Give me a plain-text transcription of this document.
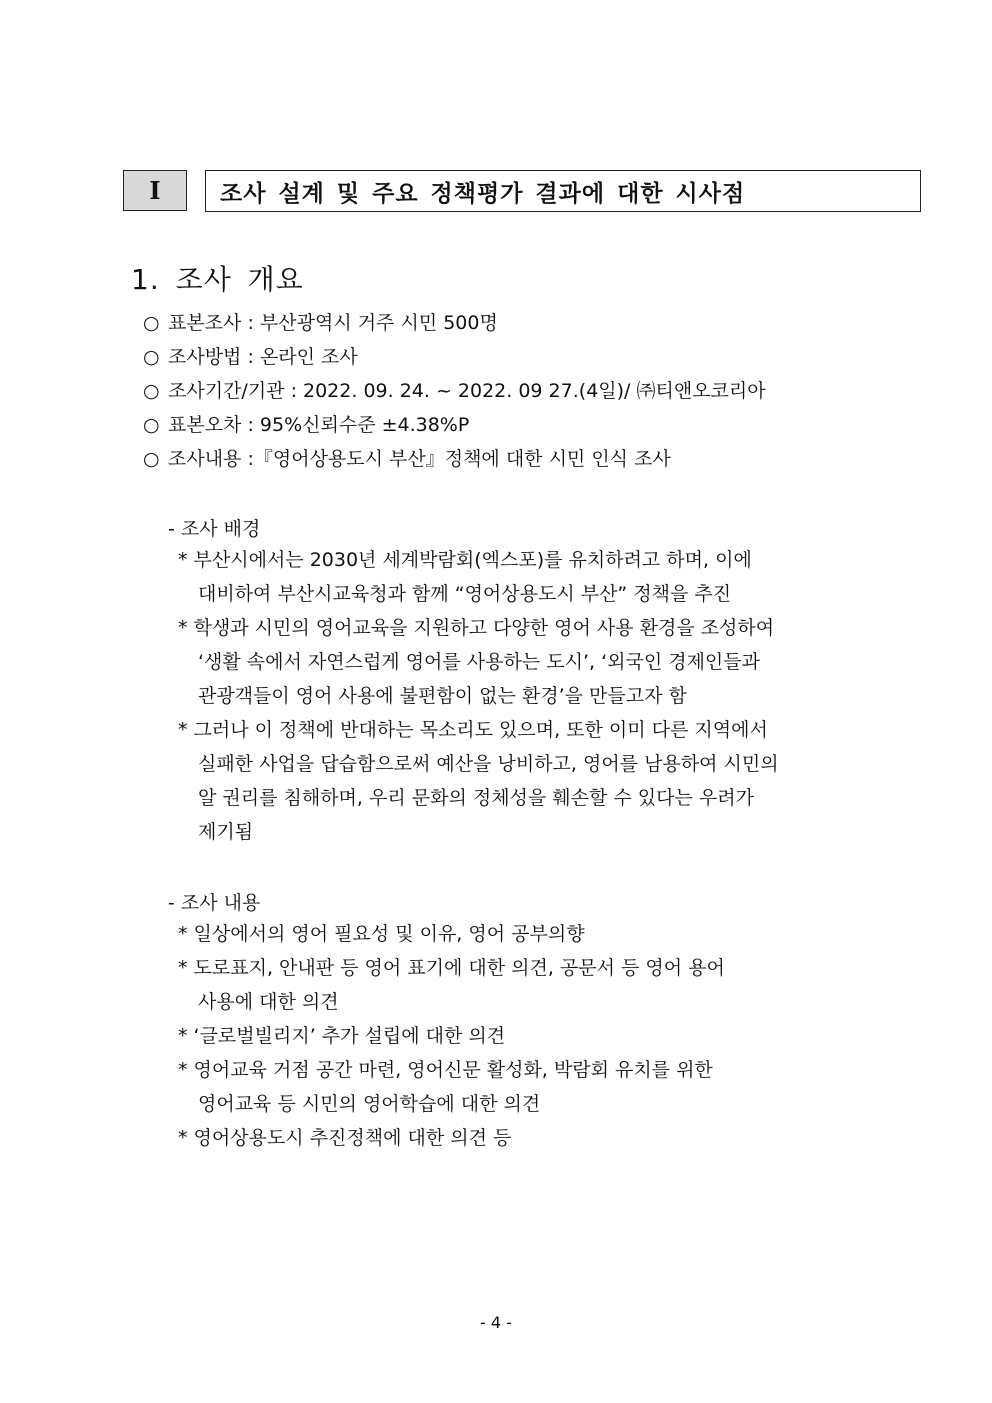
Ⅰ	조사 설계 및 주요 정책평가 결과에 대한 시사점
1. 조사 개요
○ 표본조사 : 부산광역시 거주 시민 500명
○ 조사방법 : 온라인 조사
○ 조사기간/기관 : 2022. 09. 24. ~ 2022. 09 27.(4일)/ ㈜티앤오코리아
○ 표본오차 : 95%신뢰수준 ±4.38%P
○ 조사내용 :『영어상용도시 부산』정책에 대한 시민 인식 조사
- 조사 배경
* 부산시에서는 2030년 세계박람회(엑스포)를 유치하려고 하며, 이에
대비하여 부산시교육청과 함께 “영어상용도시 부산” 정책을 추진
* 학생과 시민의 영어교육을 지원하고 다양한 영어 사용 환경을 조성하여
‘생활 속에서 자연스럽게 영어를 사용하는 도시’, ‘외국인 경제인들과
관광객들이 영어 사용에 불편함이 없는 환경’을 만들고자 함
* 그러나 이 정책에 반대하는 목소리도 있으며, 또한 이미 다른 지역에서
실패한 사업을 답습함으로써 예산을 낭비하고, 영어를 남용하여 시민의
알 권리를 침해하며, 우리 문화의 정체성을 훼손할 수 있다는 우려가
제기됨
- 조사 내용
* 일상에서의 영어 필요성 및 이유, 영어 공부의향
* 도로표지, 안내판 등 영어 표기에 대한 의견, 공문서 등 영어 용어
사용에 대한 의견
* ‘글로벌빌리지’ 추가 설립에 대한 의견
* 영어교육 거점 공간 마련, 영어신문 활성화, 박람회 유치를 위한
영어교육 등 시민의 영어학습에 대한 의견
* 영어상용도시 추진정책에 대한 의견 등
- 4 -
